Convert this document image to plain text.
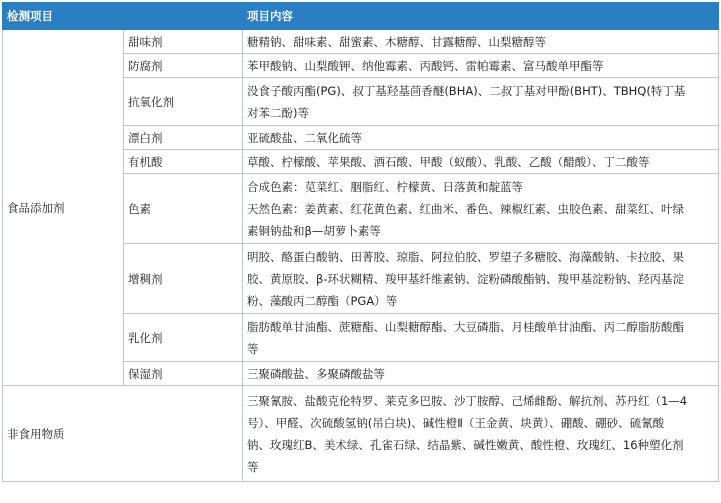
检测项目		项目内容
食品添加剂	甜味剂	糖精钠、甜味素、甜蜜素、木糖醇、甘露糖醇、山梨糖醇等

	防腐剂	苯甲酸钠、山梨酸钾、纳他霉素、丙酸钙、雷帕霉素、富马酸单甲酯等

	抗氧化剂	没食子酸丙酯(PG)、叔丁基羟基茴香醚(BHA)、二叔丁基对甲酚(BHT)、TBHQ(特丁基
对苯二酚)等

	漂白剂	亚硫酸盐、二氧化硫等

	有机酸	草酸、柠檬酸、苹果酸、酒石酸、甲酸（蚁酸）、乳酸、乙酸（醋酸）、丁二酸等

	色素	合成色素：苋菜红、胭脂红、柠檬黄、日落黄和靛蓝等
天然色素：姜黄素、红花黄色素、红曲米、番色、辣椒红素、虫胶色素、甜菜红、叶绿
素铜钠盐和β—胡萝卜素等

	增稠剂	明胶、酪蛋白酸钠、田菁胶、琼脂、阿拉伯胶、罗望子多糖胶、海藻酸钠、卡拉胶、果
胶、黄原胶、β-环状糊精、羧甲基纤维素钠、淀粉磷酸酯钠、羧甲基淀粉钠、羟丙基淀
粉、藻酸丙二醇酯（PGA）等

	乳化剂	脂肪酸单甘油酯、蔗糖酯、山梨糖醇酯、大豆磷脂、月桂酸单甘油酯、丙二醇脂肪酸酯
等

	保湿剂	三聚磷酸盐、多聚磷酸盐等

非食用物质		三聚氰胺、盐酸克伦特罗、莱克多巴胺、沙丁胺醇、己烯雌酚、解抗剂、苏丹红（1—4
号）、甲醛、次硫酸氢钠(吊白块)、碱性橙Ⅱ（王金黄、块黄）、硼酸、硼砂、硫氰酸
钠、玫瑰红B、美术绿、孔雀石绿、结晶紫、碱性嫩黄、酸性橙、玫瑰红、16种塑化剂
等
